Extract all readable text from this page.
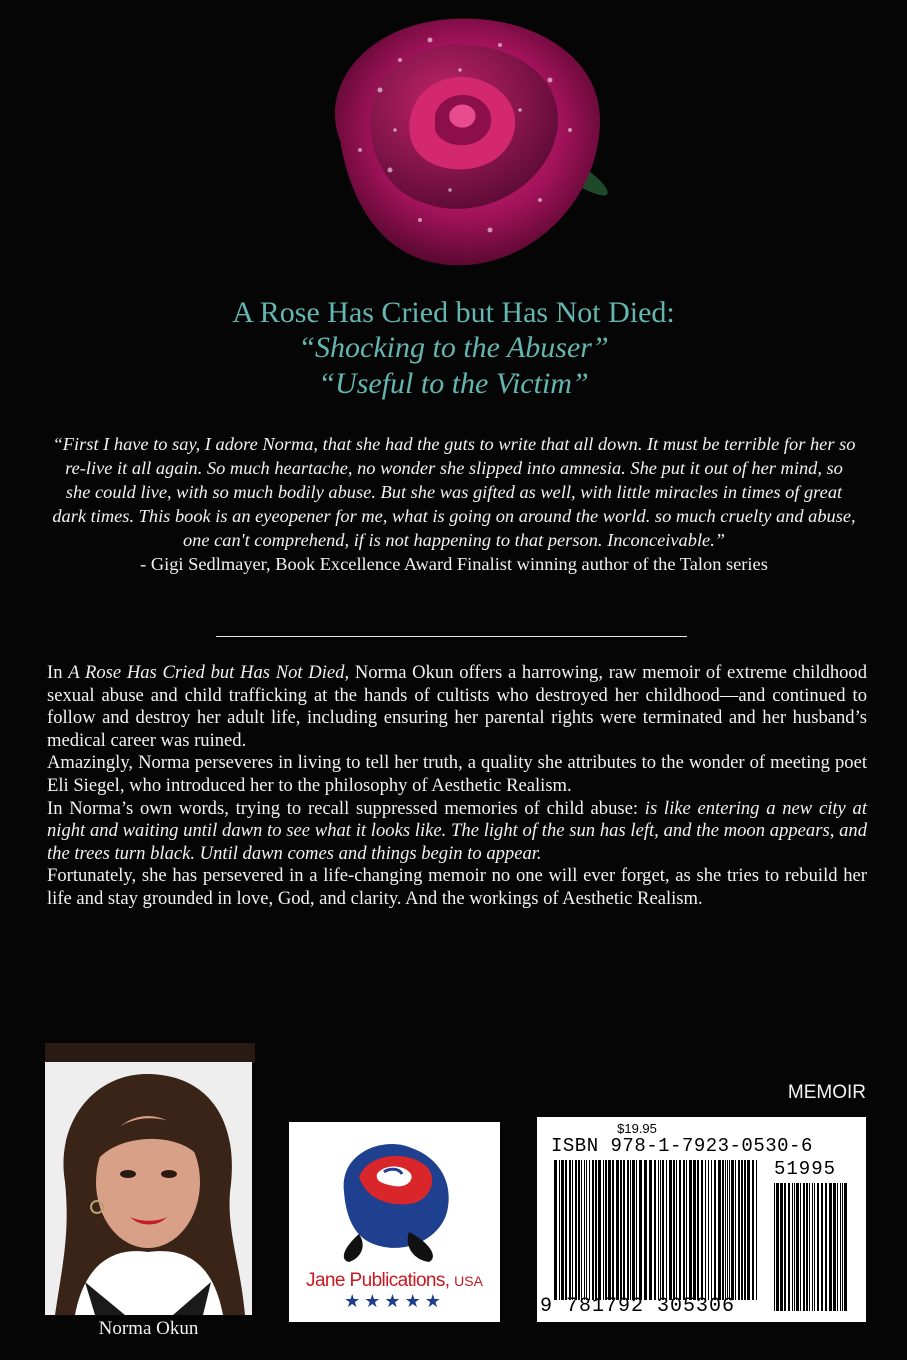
A Rose Has Cried but Has Not Died:
“Shocking to the Abuser”
“Useful to the Victim”
“First I have to say, I adore Norma, that she had the guts to write that all down. It must be terrible for her so re-live it all again. So much heartache, no wonder she slipped into amnesia. She put it out of her mind, so she could live, with so much bodily abuse. But she was gifted as well, with little miracles in times of great dark times. This book is an eyeopener for me, what is going on around the world. so much cruelty and abuse, one can't comprehend, if is not happening to that person. Inconceivable.”
- Gigi Sedlmayer, Book Excellence Award Finalist winning author of the Talon series

In A Rose Has Cried but Has Not Died, Norma Okun offers a harrowing, raw memoir of extreme childhood sexual abuse and child trafficking at the hands of cultists who destroyed her childhood—and continued to follow and destroy her adult life, including ensuring her parental rights were terminated and her husband’s medical career was ruined.

Amazingly, Norma perseveres in living to tell her truth, a quality she attributes to the wonder of meeting poet Eli Siegel, who introduced her to the philosophy of Aesthetic Realism.

In Norma’s own words, trying to recall suppressed memories of child abuse: is like entering a new city at night and waiting until dawn to see what it looks like. The light of the sun has left, and the moon appears, and the trees turn black. Until dawn comes and things begin to appear.

Fortunately, she has persevered in a life-changing memoir no one will ever forget, as she tries to rebuild her life and stay grounded in love, God, and clarity. And the workings of Aesthetic Realism.

Norma Okun
Jane Publications, USA
★★★★★
MEMOIR
$19.95
ISBN 978-1-7923-0530-6
51995
9 781792 305306
